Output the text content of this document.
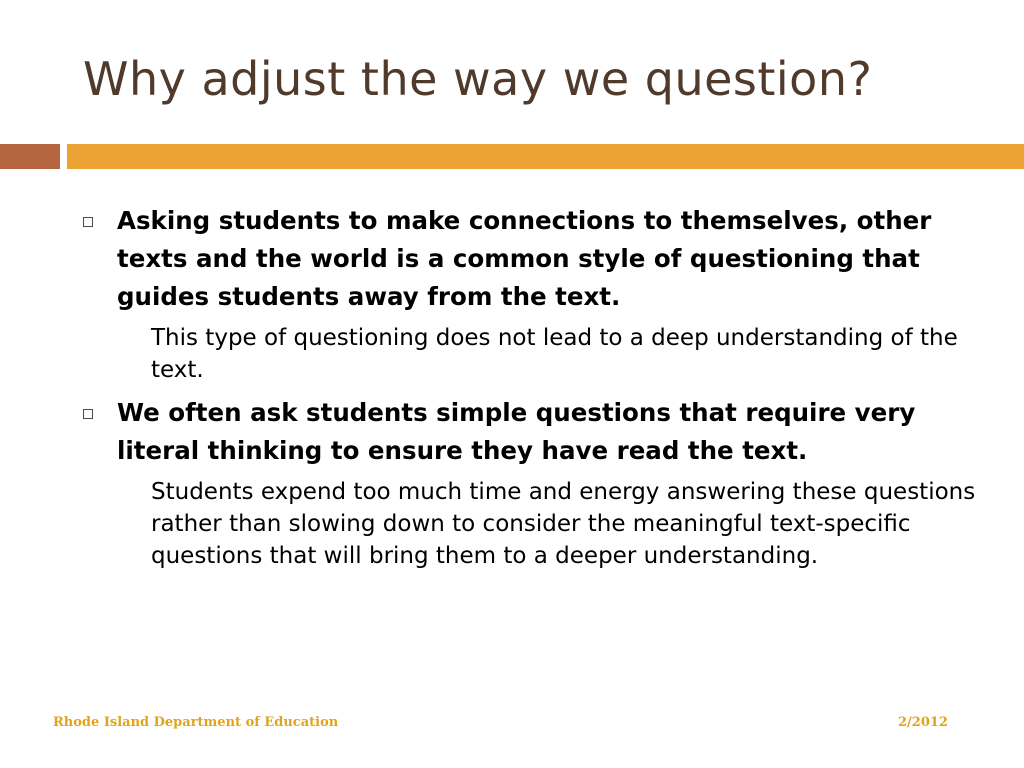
Why adjust the way we question?
Asking students to make connections to themselves, other texts and the world is a common style of questioning that guides students away from the text.
This type of questioning does not lead to a deep understanding of the text.
We often ask students simple questions that require very literal thinking to ensure they have read the text.
Students expend too much time and energy answering these questions rather than slowing down to consider the meaningful text-specific questions that will bring them to a deeper understanding.
Rhode Island Department of Education	2/2012
